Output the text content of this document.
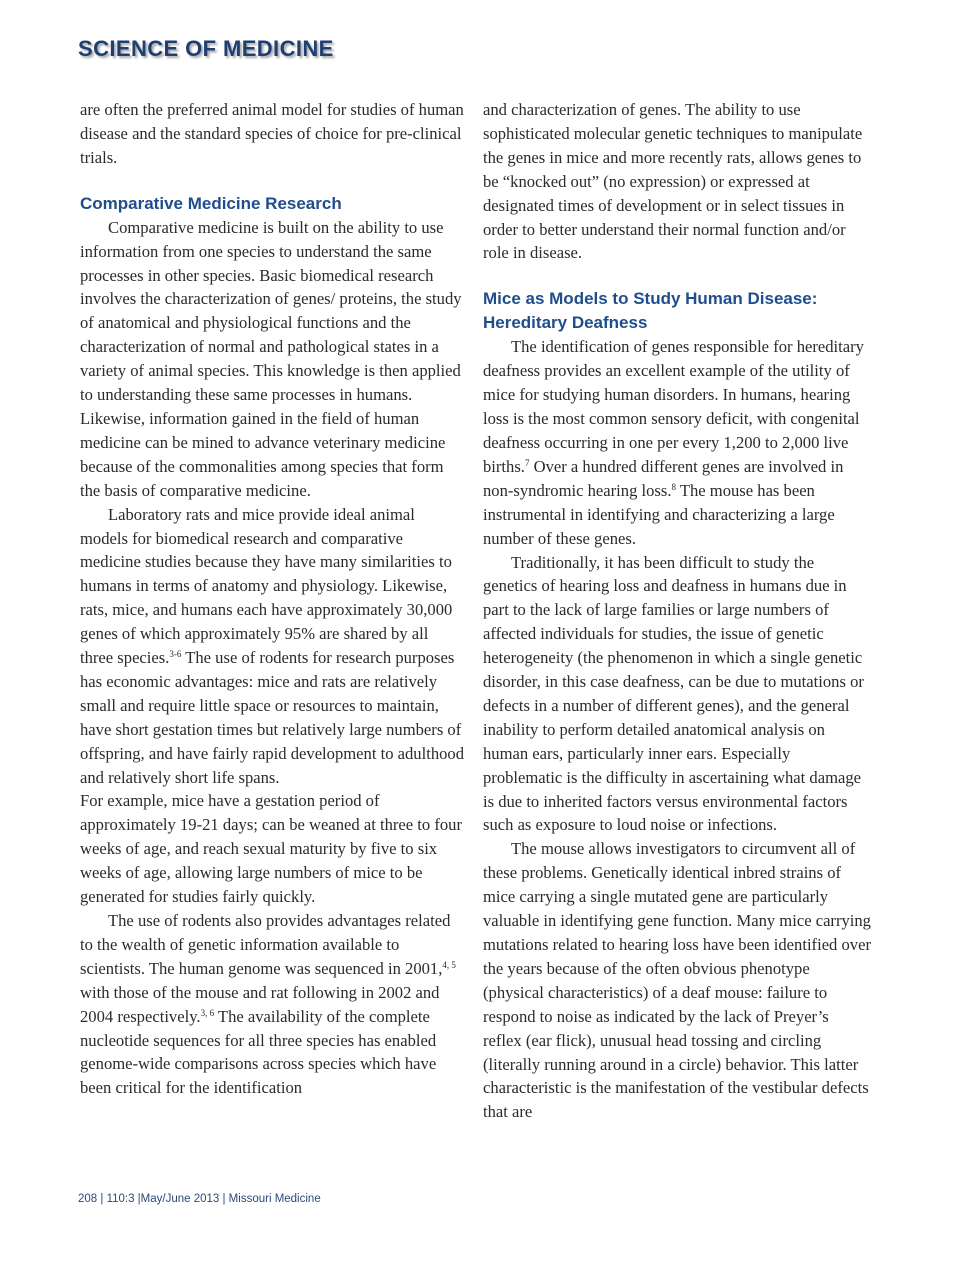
SCIENCE OF MEDICINE

are often the preferred animal model for studies of human disease and the standard species of choice for pre-clinical trials.

Comparative Medicine Research

Comparative medicine is built on the ability to use information from one species to understand the same processes in other species. Basic biomedical research involves the characterization of genes/ proteins, the study of anatomical and physiological functions and the characterization of normal and pathological states in a variety of animal species. This knowledge is then applied to understanding these same processes in humans. Likewise, information gained in the field of human medicine can be mined to advance veterinary medicine because of the commonalities among species that form the basis of comparative medicine.

Laboratory rats and mice provide ideal animal models for biomedical research and comparative medicine studies because they have many similarities to humans in terms of anatomy and physiology. Likewise, rats, mice, and humans each have approximately 30,000 genes of which approximately 95% are shared by all three species.$^{3-6}$ The use of rodents for research purposes has economic advantages: mice and rats are relatively small and require little space or resources to maintain, have short gestation times but relatively large numbers of offspring, and have fairly rapid development to adulthood and relatively short life spans.

For example, mice have a gestation period of approximately 19-21 days; can be weaned at three to four weeks of age, and reach sexual maturity by five to six weeks of age, allowing large numbers of mice to be generated for studies fairly quickly.

The use of rodents also provides advantages related to the wealth of genetic information available to scientists. The human genome was sequenced in 2001,$^{4, 5}$ with those of the mouse and rat following in 2002 and 2004 respectively.$^{3, 6}$ The availability of the complete nucleotide sequences for all three species has enabled genome-wide comparisons across species which have been critical for the identification

and characterization of genes. The ability to use sophisticated molecular genetic techniques to manipulate the genes in mice and more recently rats, allows genes to be “knocked out” (no expression) or expressed at designated times of development or in select tissues in order to better understand their normal function and/or role in disease.

Mice as Models to Study Human Disease: Hereditary Deafness

The identification of genes responsible for hereditary deafness provides an excellent example of the utility of mice for studying human disorders. In humans, hearing loss is the most common sensory deficit, with congenital deafness occurring in one per every 1,200 to 2,000 live births.$^7$ Over a hundred different genes are involved in non-syndromic hearing loss.$^8$ The mouse has been instrumental in identifying and characterizing a large number of these genes.

Traditionally, it has been difficult to study the genetics of hearing loss and deafness in humans due in part to the lack of large families or large numbers of affected individuals for studies, the issue of genetic heterogeneity (the phenomenon in which a single genetic disorder, in this case deafness, can be due to mutations or defects in a number of different genes), and the general inability to perform detailed anatomical analysis on human ears, particularly inner ears. Especially problematic is the difficulty in ascertaining what damage is due to inherited factors versus environmental factors such as exposure to loud noise or infections.

The mouse allows investigators to circumvent all of these problems. Genetically identical inbred strains of mice carrying a single mutated gene are particularly valuable in identifying gene function. Many mice carrying mutations related to hearing loss have been identified over the years because of the often obvious phenotype (physical characteristics) of a deaf mouse: failure to respond to noise as indicated by the lack of Preyer’s reflex (ear flick), unusual head tossing and circling (literally running around in a circle) behavior. This latter characteristic is the manifestation of the vestibular defects that are

208 | 110:3 |May/June 2013 | Missouri Medicine
